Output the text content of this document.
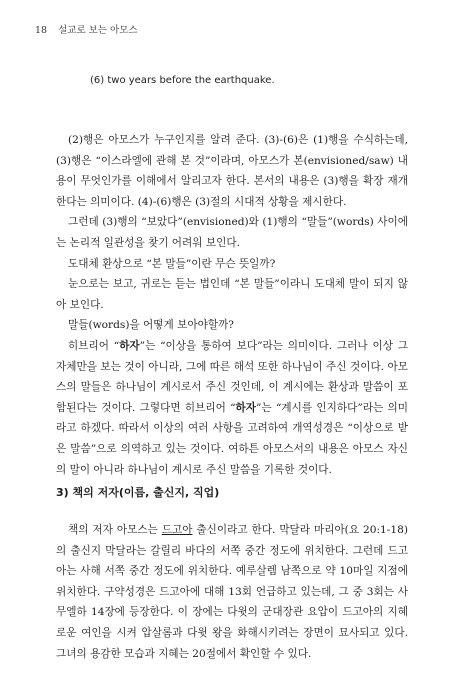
18 설교로 보는 아모스
(6) two years before the earthquake.

(2)행은 아모스가 누구인지를 알려 준다. (3)-(6)은 (1)행을 수식하는데, (3)행은 “이스라엘에 관해 본 것”이라며, 아모스가 본(envisioned/saw) 내용이 무엇인가를 이해에서 알리고자 한다. 본서의 내용은 (3)행을 확장 재개한다는 의미이다. (4)-(6)행은 (3)절의 시대적 상황을 제시한다.

그런데 (3)행의 “보았다”(envisioned)와 (1)행의 “말들”(words) 사이에는 논리적 일관성을 찾기 어려워 보인다.

도대체 환상으로 “본 말들”이란 무슨 뜻일까?

눈으로는 보고, 귀로는 듣는 법인데 “본 말들”이라니 도대체 말이 되지 않아 보인다.

말들(words)을 어떻게 보아야할까?

히브리어 “하자”는 “이상을 통하여 보다”라는 의미이다. 그러나 이상 그 자체만을 보는 것이 아니라, 그에 따른 해석 또한 하나님이 주신 것이다. 아모스의 말들은 하나님이 계시로서 주신 것인데, 이 계시에는 환상과 말씀이 포함된다는 것이다. 그렇다면 히브리어 “하자”는 “계시를 인지하다”라는 의미라고 하겠다. 따라서 이상의 여러 사항을 고려하여 개역성경은 “이상으로 받은 말씀”으로 의역하고 있는 것이다. 여하튼 아모스서의 내용은 아모스 자신의 말이 아니라 하나님이 계시로 주신 말씀을 기록한 것이다.

3) 책의 저자(이름, 출신지, 직업)

책의 저자 아모스는 드고아 출신이라고 한다. 막달라 마리아(요 20:1-18)의 출신지 막달라는 갈릴리 바다의 서쪽 중간 정도에 위치한다. 그런데 드고아는 사해 서쪽 중간 정도에 위치한다. 예루살렘 남쪽으로 약 10마일 지점에 위치한다. 구약성경은 드고아에 대해 13회 언급하고 있는데, 그 중 3회는 사무엘하 14장에 등장한다. 이 장에는 다윗의 군대장관 요압이 드고아의 지혜로운 여인을 시켜 압살롬과 다윗 왕을 화해시키려는 장면이 묘사되고 있다. 그녀의 용감한 모습과 지혜는 20절에서 확인할 수 있다.
